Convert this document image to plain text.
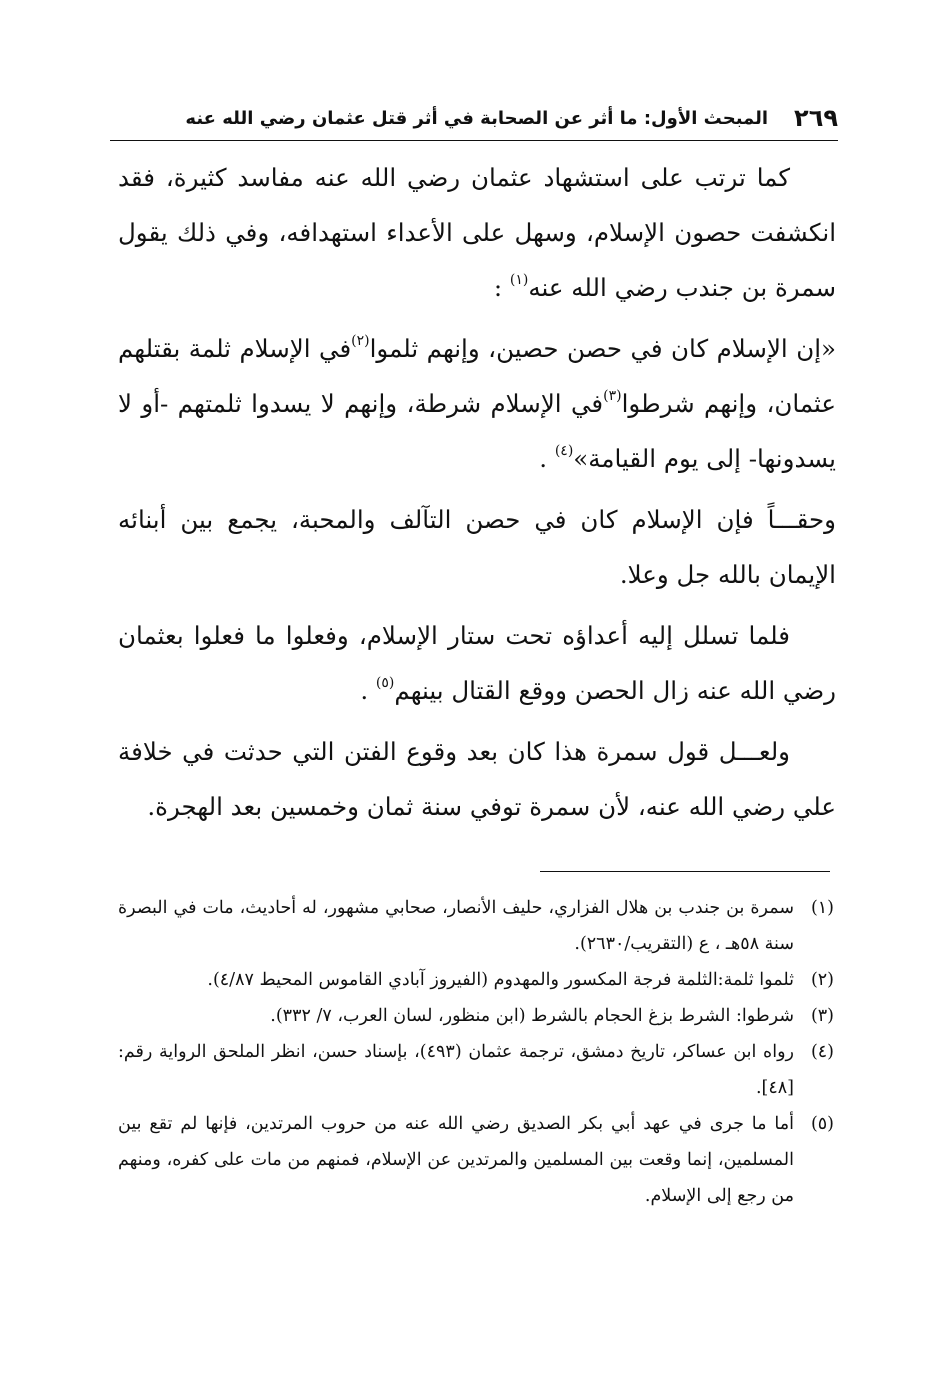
٢٦٩
المبحث الأول: ما أثر عن الصحابة في أثر قتل عثمان رضي الله عنه

كما ترتب على استشهاد عثمان رضي الله عنه مفاسد كثيرة، فقد انكشفت حصون الإسلام، وسهل على الأعداء استهدافه، وفي ذلك يقول سمرة بن جندب رضي الله عنه$^{(١)}$ :

«إن الإسلام كان في حصن حصين، وإنهم ثلموا$^{(٢)}$في الإسلام ثلمة بقتلهم عثمان، وإنهم شرطوا$^{(٣)}$في الإسلام شرطة، وإنهم لا يسدوا ثلمتهم -أو لا يسدونها- إلى يوم القيامة»$^{(٤)}$ .

وحقـــاً فإن الإسلام كان في حصن التآلف والمحبة، يجمع بين أبنائه الإيمان بالله جل وعلا.

فلما تسلل إليه أعداؤه تحت ستار الإسلام، وفعلوا ما فعلوا بعثمان رضي الله عنه زال الحصن ووقع القتال بينهم$^{(٥)}$ .

ولعـــل قول سمرة هذا كان بعد وقوع الفتن التي حدثت في خلافة علي رضي الله عنه، لأن سمرة توفي سنة ثمان وخمسين بعد الهجرة.

(١)
سمرة بن جندب بن هلال الفزاري، حليف الأنصار، صحابي مشهور، له أحاديث، مات في البصرة سنة ٥٨هـ ، ع (التقريب/٢٦٣٠).

(٢)
ثلموا ثلمة:الثلمة فرجة المكسور والمهدوم (الفيروز آبادي القاموس المحيط ٤/٨٧).

(٣)
شرطوا: الشرط بزغ الحجام بالشرط (ابن منظور، لسان العرب، ٧/ ٣٣٢).

(٤)
رواه ابن عساكر، تاريخ دمشق، ترجمة عثمان (٤٩٣)، بإسناد حسن، انظر الملحق الرواية رقم: [٤٨].

(٥)
أما ما جرى في عهد أبي بكر الصديق رضي الله عنه من حروب المرتدين، فإنها لم تقع بين المسلمين، إنما وقعت بين المسلمين والمرتدين عن الإسلام، فمنهم من مات على كفره، ومنهم من رجع إلى الإسلام.
